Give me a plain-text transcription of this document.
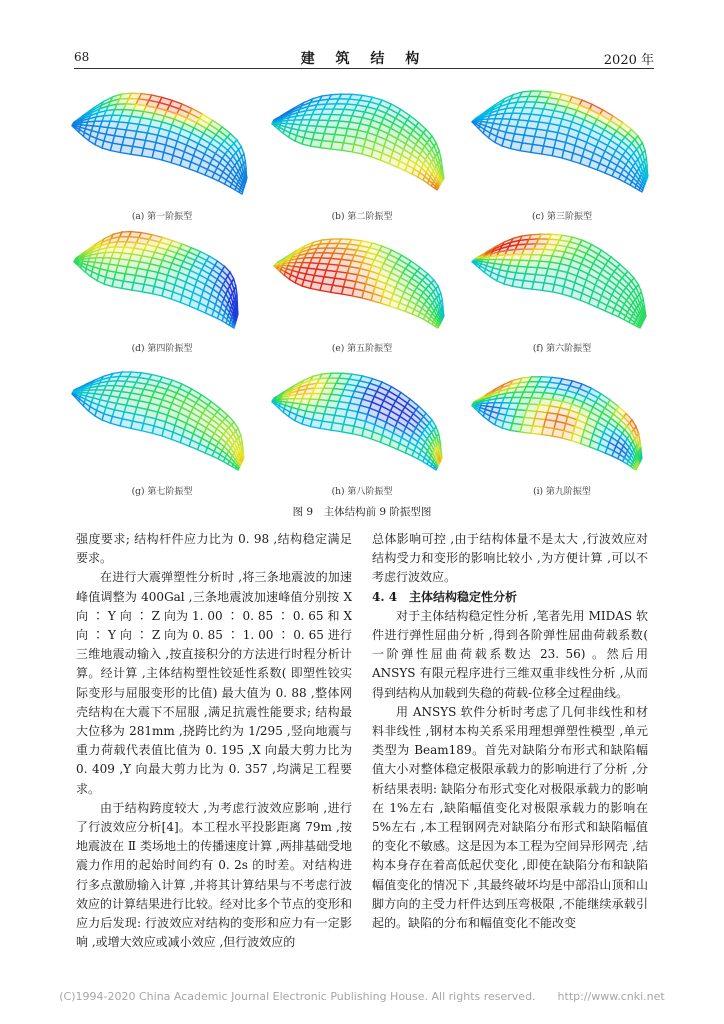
68	建 筑 结 构	2020 年
(a) 第一阶振型	(b) 第二阶振型	(c) 第三阶振型
(d) 第四阶振型	(e) 第五阶振型	(f) 第六阶振型
(g) 第七阶振型	(h) 第八阶振型	(i) 第九阶振型
图 9　主体结构前 9 阶振型图

强度要求; 结构杆件应力比为 0. 98 ,结构稳定满足要求。

在进行大震弹塑性分析时 ,将三条地震波的加速峰值调整为 400Gal ,三条地震波加速峰值分别按 X 向 ∶ Y 向 ∶ Z 向为 1. 00 ∶ 0. 85 ∶ 0. 65 和 X 向 ∶ Y 向 ∶ Z 向为 0. 85 ∶ 1. 00 ∶ 0. 65 进行三维地震动输入 ,按直接积分的方法进行时程分析计算。经计算 ,主体结构塑性铰延性系数( 即塑性铰实际变形与屈服变形的比值) 最大值为 0. 88 ,整体网壳结构在大震下不屈服 ,满足抗震性能要求; 结构最大位移为 281mm ,挠跨比约为 1/295 ,竖向地震与重力荷载代表值比值为 0. 195 ,X 向最大剪力比为 0. 409 ,Y 向最大剪力比为 0. 357 ,均满足工程要求。

由于结构跨度较大 ,为考虑行波效应影响 ,进行了行波效应分析[4]。本工程水平投影距离 79m ,按地震波在 Ⅱ 类场地土的传播速度计算 ,两排基础受地震力作用的起始时间约有 0. 2s 的时差。对结构进行多点激励输入计算 ,并将其计算结果与不考虑行波效应的计算结果进行比较。经对比多个节点的变形和应力后发现: 行波效应对结构的变形和应力有一定影响 ,或增大效应或减小效应 ,但行波效应的

总体影响可控 ,由于结构体量不是太大 ,行波效应对结构受力和变形的影响比较小 ,为方便计算 ,可以不考虑行波效应。

4. 4　主体结构稳定性分析

对于主体结构稳定性分析 ,笔者先用 MIDAS 软件进行弹性屈曲分析 ,得到各阶弹性屈曲荷载系数( 一阶弹性屈曲荷载系数达 23. 56) 。然后用 ANSYS 有限元程序进行三维双重非线性分析 ,从而得到结构从加载到失稳的荷载-位移全过程曲线。

用 ANSYS 软件分析时考虑了几何非线性和材料非线性 ,钢材本构关系采用理想弹塑性模型 ,单元类型为 Beam189。首先对缺陷分布形式和缺陷幅值大小对整体稳定极限承载力的影响进行了分析 ,分析结果表明: 缺陷分布形式变化对极限承载力的影响在 1%左右 ,缺陷幅值变化对极限承载力的影响在 5%左右 ,本工程钢网壳对缺陷分布形式和缺陷幅值的变化不敏感。这是因为本工程为空间异形网壳 ,结构本身存在着高低起伏变化 ,即使在缺陷分布和缺陷幅值变化的情况下 ,其最终破坏均是中部沿山顶和山脚方向的主受力杆件达到压弯极限 ,不能继续承载引起的。缺陷的分布和幅值变化不能改变

(C)1994-2020 China Academic Journal Electronic Publishing House. All rights reserved.　　http://www.cnki.net
